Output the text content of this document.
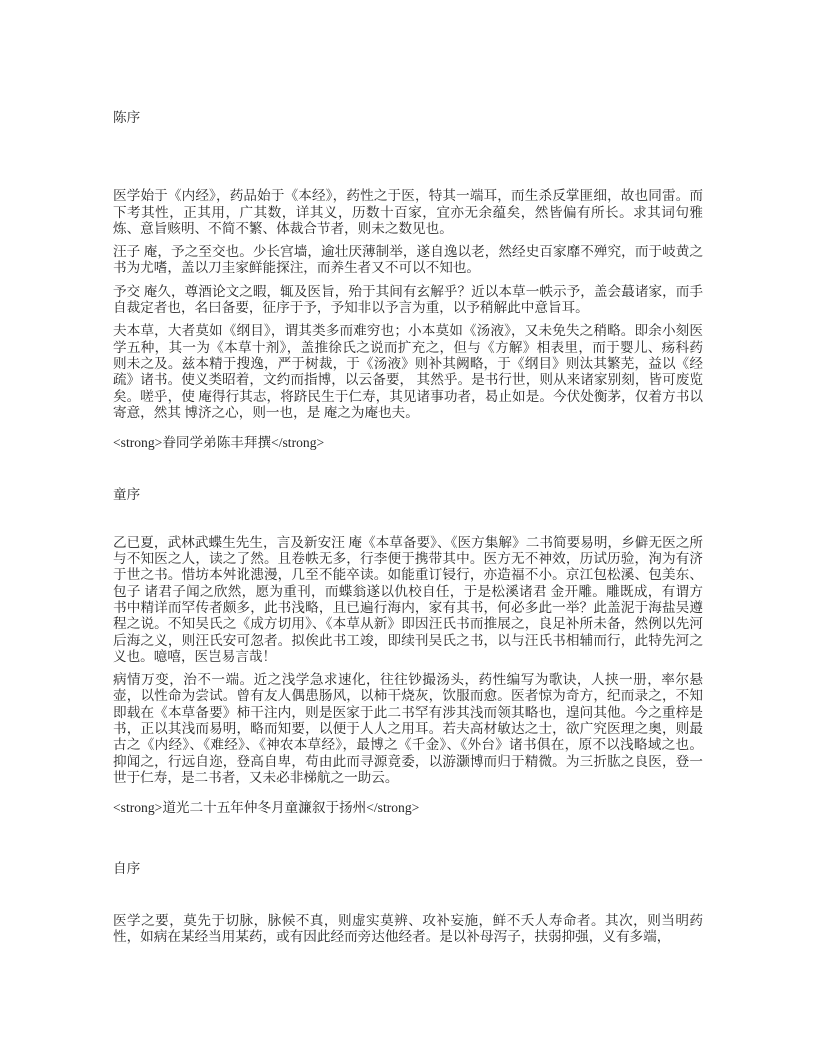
陈序

医学始于《内经》，药品始于《本经》，药性之于医，特其一端耳，而生杀反掌匪细，故也同雷。而下考其性，正其用，广其数，详其义，历数十百家，宜亦无余蕴矣，然皆偏有所长。求其词句雅炼、意旨赅明、不简不繁、体裁合节者，则未之数见也。

汪子 庵，予之至交也。少长宫墙，逾壮厌薄制举，遂自逸以老，然经史百家靡不殚究，而于岐黄之书为尤嗜，盖以刀圭家鲜能探注，而养生者又不可以不知也。

予交 庵久，尊酒论文之暇，辄及医旨，殆于其间有玄解乎？近以本草一帙示予，盖会蕞诸家，而手自裁定者也，名曰备要，征序于予，予知非以予言为重，以予稍解此中意旨耳。

夫本草，大者莫如《纲目》，谓其类多而难穷也；小本莫如《汤液》，又未免失之稍略。即余小刻医学五种，其一为《本草十剂》，盖推徐氏之说而扩充之，但与《方解》相表里，而于婴儿、疡科药则未之及。兹本精于搜逸，严于树裁，于《汤液》则补其阙略，于《纲目》则汰其繁芜，益以《经疏》诸书。使义类昭着，文约而指博，以云备要， 其然乎。是书行世，则从来诸家别刻，皆可废览矣。嗟乎，使 庵得行其志，将跻民生于仁寿，其见诸事功者，曷止如是。今伏处衡茅，仅着方书以寄意，然其 博济之心，则一也，是 庵之为庵也夫。

<strong>眷同学弟陈丰拜撰</strong>

童序

乙已夏，武林武蝶生先生，言及新安汪 庵《本草备要》、《医方集解》二书简要易明，乡僻无医之所与不知医之人，读之了然。且卷帙无多，行李便于携带其中。医方无不神效，历试历验，洵为有济于世之书。惜坊本舛讹漶漫，几至不能卒读。如能重订锓行，亦造福不小。京江包松溪、包美东、包子 诸君子闻之欣然，愿为重刊，而蝶翁遂以仇校自任，于是松溪诸君 金开雕。雕既成，有谓方书中精详而罕传者颇多，此书浅略，且已遍行海内，家有其书，何必多此一举？此盖泥于海盐吴遵程之说。不知吴氏之《成方切用》、《本草从新》即因汪氏书而推展之，良足补所未备，然例以先河后海之义，则汪氏安可忽者。拟俟此书工竣，即续刊吴氏之书，以与汪氏书相辅而行，此特先河之义也。噫嘻，医岂易言哉！

病情万变，治不一端。近之浅学急求速化，往往钞撮汤头，药性编写为歌诀，人挟一册，率尔悬壶，以性命为尝试。曾有友人偶患肠风，以柿干烧灰，饮服而愈。医者惊为奇方，纪而录之，不知即载在《本草备要》柿干注内，则是医家于此二书罕有涉其浅而领其略也，遑问其他。今之重梓是书，正以其浅而易明，略而知要，以便于人人之用耳。若夫高材敏达之士，欲广究医理之奥，则最古之《内经》、《难经》、《神农本草经》，最博之《千金》、《外台》诸书俱在，原不以浅略域之也。抑闻之，行远自迩，登高自卑，苟由此而寻源竟委，以游灏博而归于精微。为三折肱之良医，登一世于仁寿，是二书者，又未必非梯航之一助云。

<strong>道光二十五年仲冬月童濂叙于扬州</strong>

自序

医学之要，莫先于切脉，脉候不真，则虚实莫辨、攻补妄施，鲜不夭人寿命者。其次，则当明药性，如病在某经当用某药，或有因此经而旁达他经者。是以补母泻子，扶弱抑强，义有多端，
